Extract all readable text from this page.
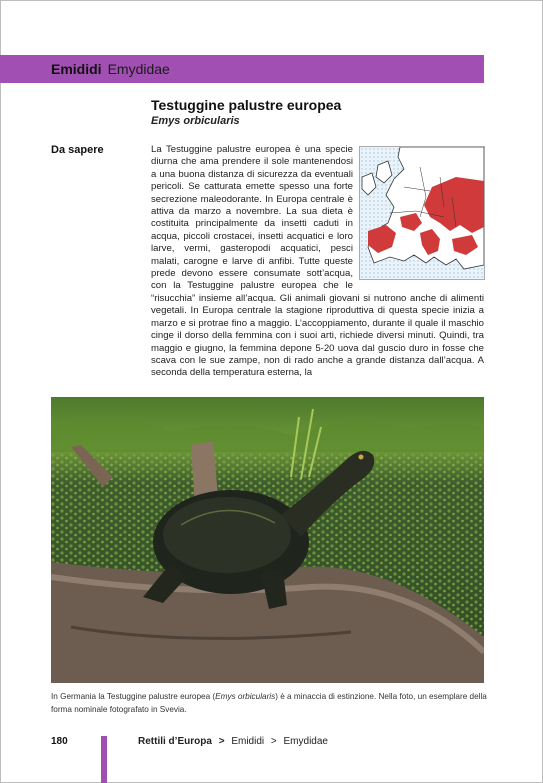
Emididi Emydidae
Testuggine palustre europea
Emys orbicularis
Da sapere	La Testuggine palustre europea è una specie diurna che ama prendere il sole mantenendosi a una buona distanza di sicurezza da eventuali pericoli. Se catturata emette spesso una forte secrezione maleodorante. In Europa centrale è attiva da marzo a novembre. La sua dieta è costituita principalmente da insetti caduti in acqua, piccoli crostacei, insetti acquatici e loro larve, vermi, gasteropodi acquatici, pesci malati, carogne e larve di anfibi. Tutte queste prede devono essere consumate sott’acqua, con la Testuggine palustre europea che le “risucchia” insieme all’acqua. Gli animali giovani si nutrono anche di alimenti vegetali. In Europa centrale la stagione riproduttiva di questa specie inizia a marzo e si protrae fino a maggio. L’accoppiamento, durante il quale il maschio cinge il dorso della femmina con i suoi arti, richiede diversi minuti. Quindi, tra maggio e giugno, la femmina depone 5-20 uova dal guscio duro in fosse che scava con le sue zampe, non di rado anche a grande distanza dall’acqua. A seconda della temperatura esterna, la

In Germania la Testuggine palustre europea (Emys orbicularis) è a minaccia di estinzione. Nella foto, un esemplare della forma nominale fotografato in Svevia.
180	Rettili d’Europa > Emididi > Emydidae
